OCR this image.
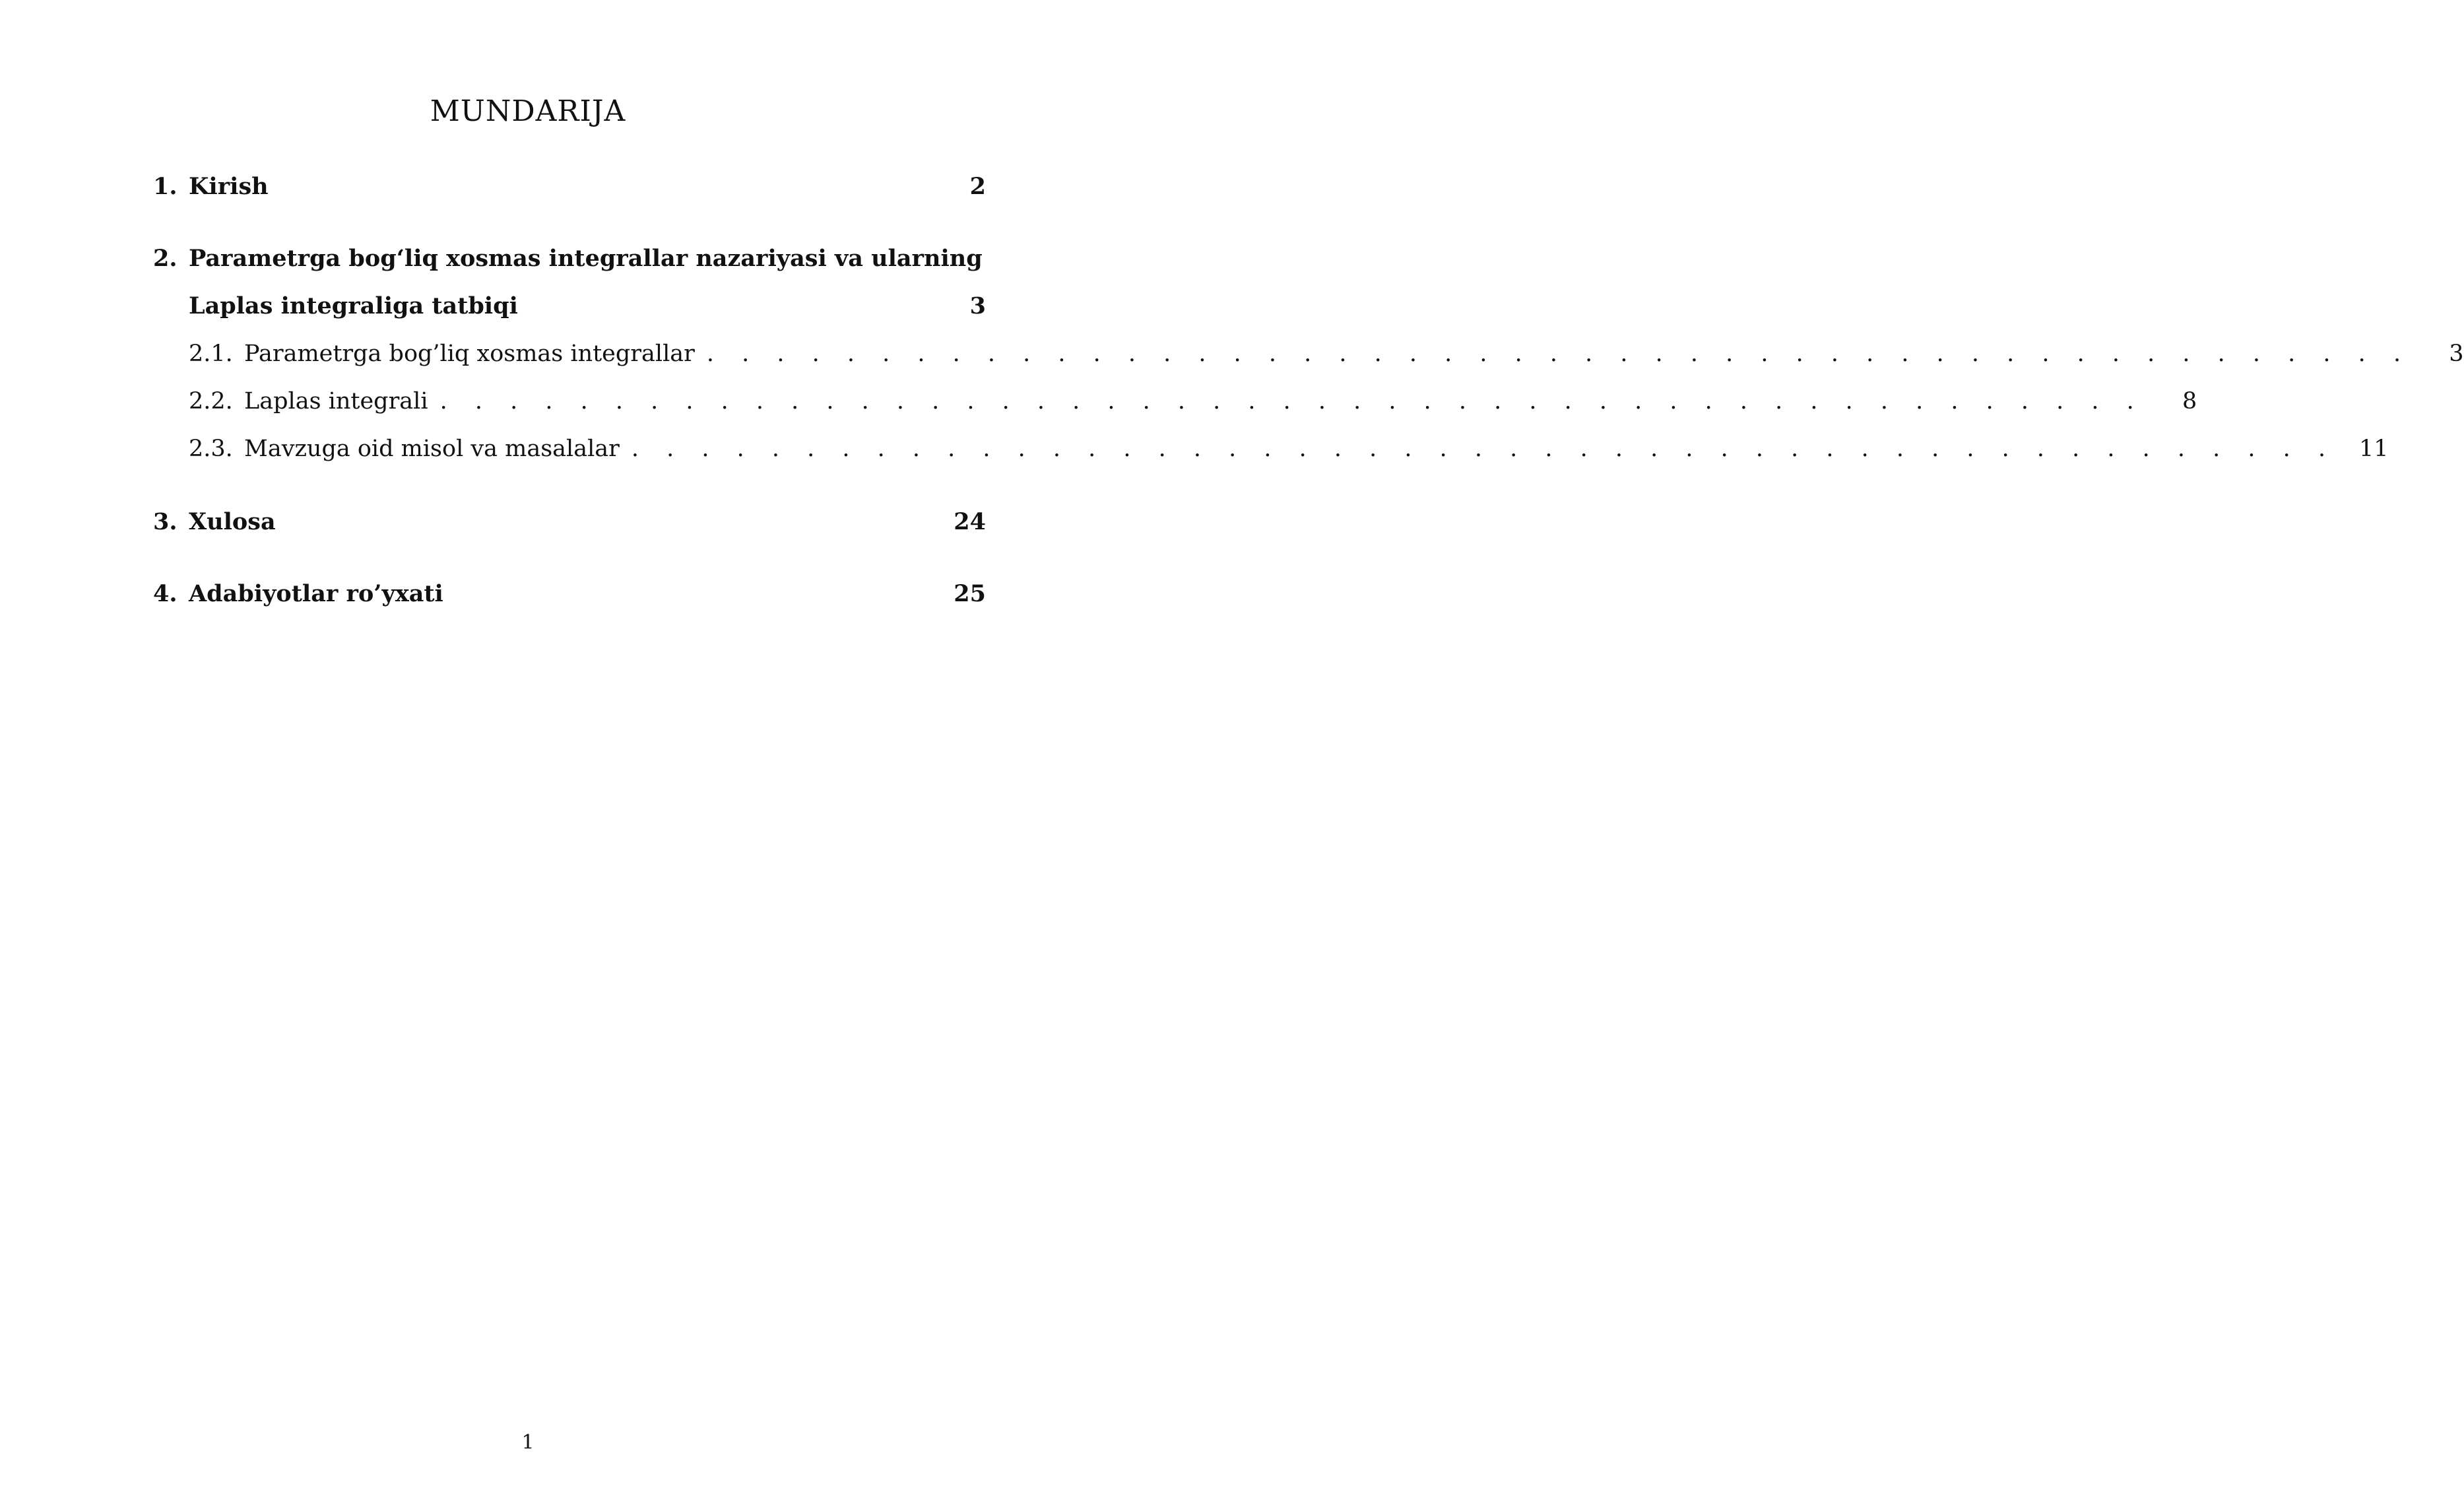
MUNDARIJA
1. Kirish	2
2. Parametrga bog‘liq xosmas integrallar nazariyasi va ularning
Laplas integraliga tatbiqi	3
2.1. Parametrga bog’liq xosmas integrallar . . . . . . . . . . . . . . . . . . . . . . . . . . . . . . . . . . . . . . . . . . . . . . . . .	3
2.2. Laplas integrali . . . . . . . . . . . . . . . . . . . . . . . . . . . . . . . . . . . . . . . . . . . . . . . . .	8
2.3. Mavzuga oid misol va masalalar . . . . . . . . . . . . . . . . . . . . . . . . . . . . . . . . . . . . . . . . . . . . . . . . . 11
3. Xulosa	24
4. Adabiyotlar ro’yxati	25
1
